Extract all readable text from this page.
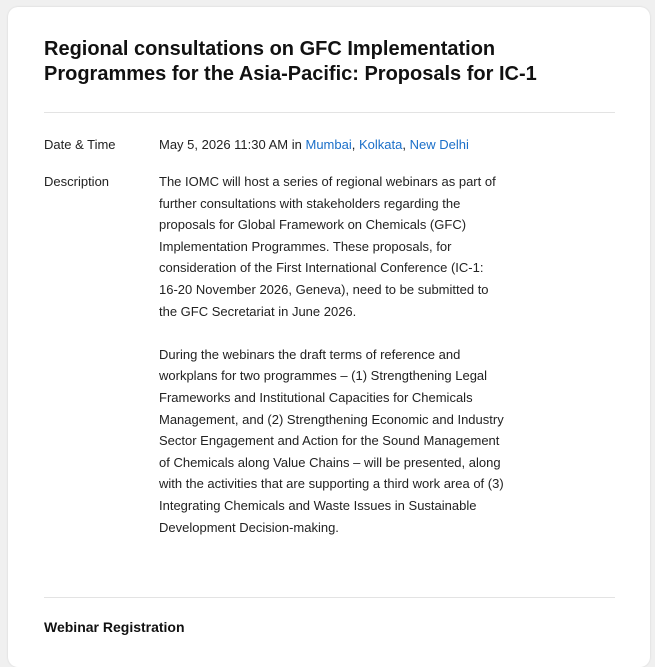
Regional consultations on GFC Implementation Programmes for the Asia-Pacific: Proposals for IC-1
Date & Time	May 5, 2026 11:30 AM in Mumbai, Kolkata, New Delhi
Description	The IOMC will host a series of regional webinars as part of further consultations with stakeholders regarding the proposals for Global Framework on Chemicals (GFC) Implementation Programmes. These proposals, for consideration of the First International Conference (IC-1: 16-20 November 2026, Geneva), need to be submitted to the GFC Secretariat in June 2026.

During the webinars the draft terms of reference and workplans for two programmes – (1) Strengthening Legal Frameworks and Institutional Capacities for Chemicals Management, and (2) Strengthening Economic and Industry Sector Engagement and Action for the Sound Management of Chemicals along Value Chains – will be presented, along with the activities that are supporting a third work area of (3) Integrating Chemicals and Waste Issues in Sustainable Development Decision-making.

Webinar Registration
